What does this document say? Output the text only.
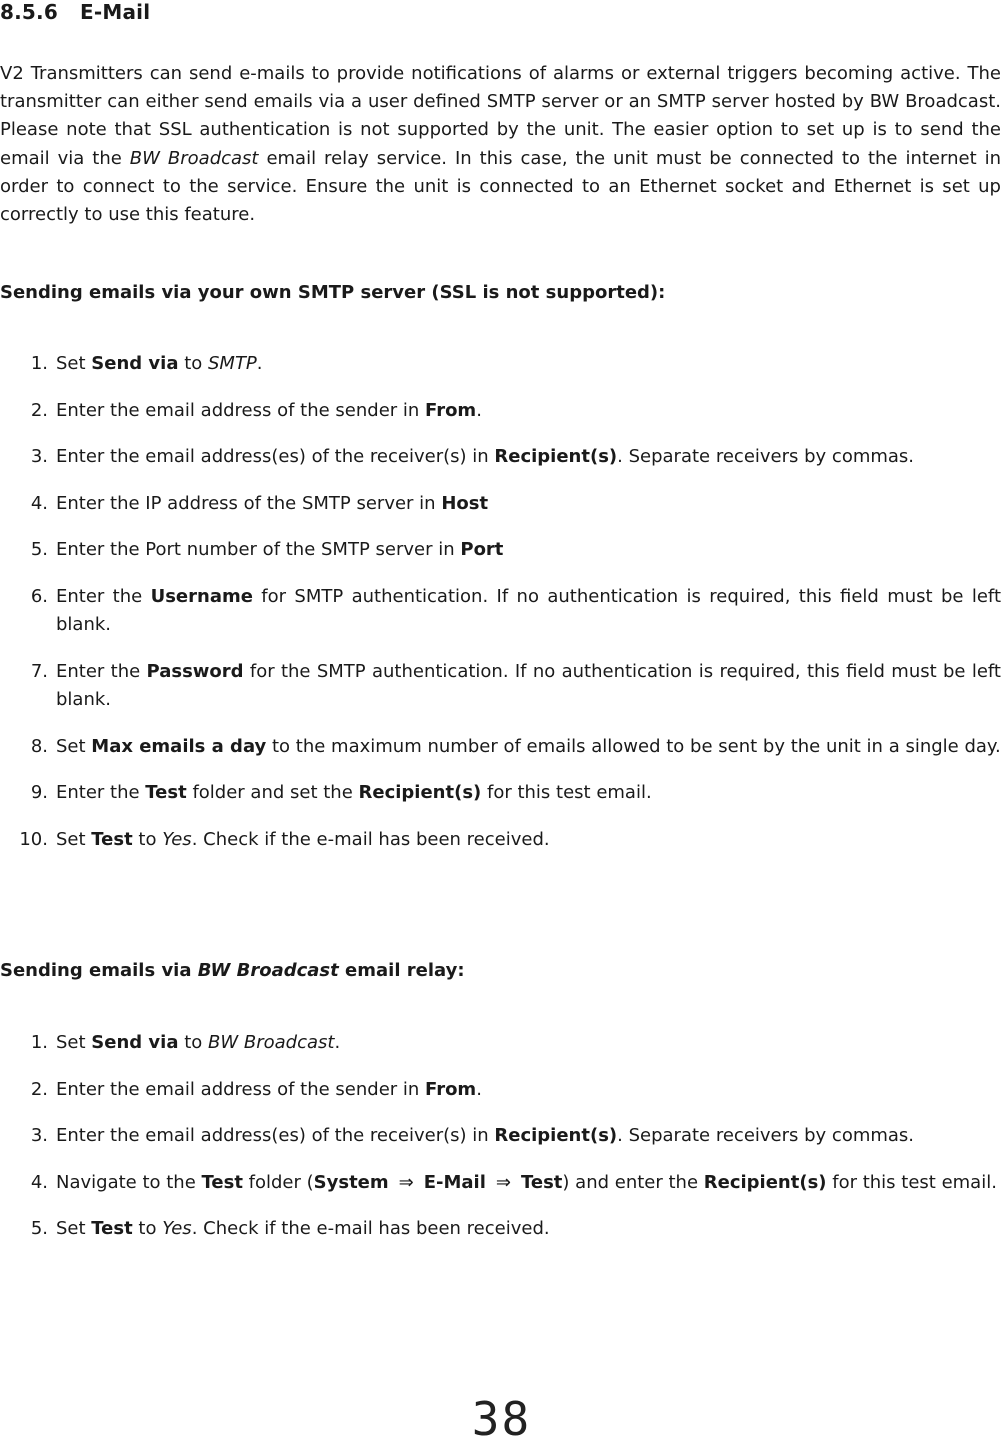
8.5.6 E-Mail

V2 Transmitters can send e-mails to provide notifications of alarms or external triggers becoming active. The transmitter can either send emails via a user defined SMTP server or an SMTP server hosted by BW Broadcast. Please note that SSL authentication is not supported by the unit. The easier option to set up is to send the email via the BW Broadcast email relay service. In this case, the unit must be connected to the internet in order to connect to the service. Ensure the unit is connected to an Ethernet socket and Ethernet is set up correctly to use this feature.

Sending emails via your own SMTP server (SSL is not supported):
1. Set Send via to SMTP.
2. Enter the email address of the sender in From.
3. Enter the email address(es) of the receiver(s) in Recipient(s). Separate receivers by commas.
4. Enter the IP address of the SMTP server in Host
5. Enter the Port number of the SMTP server in Port
6. Enter the Username for SMTP authentication. If no authentication is required, this field must be left blank.
7. Enter the Password for the SMTP authentication. If no authentication is required, this field must be left blank.
8. Set Max emails a day to the maximum number of emails allowed to be sent by the unit in a single day.
9. Enter the Test folder and set the Recipient(s) for this test email.
10. Set Test to Yes. Check if the e-mail has been received.
Sending emails via BW Broadcast email relay:
1. Set Send via to BW Broadcast.
2. Enter the email address of the sender in From.
3. Enter the email address(es) of the receiver(s) in Recipient(s). Separate receivers by commas.
4. Navigate to the Test folder (System ⇒ E-Mail ⇒ Test) and enter the Recipient(s) for this test email.
5. Set Test to Yes. Check if the e-mail has been received.
38
